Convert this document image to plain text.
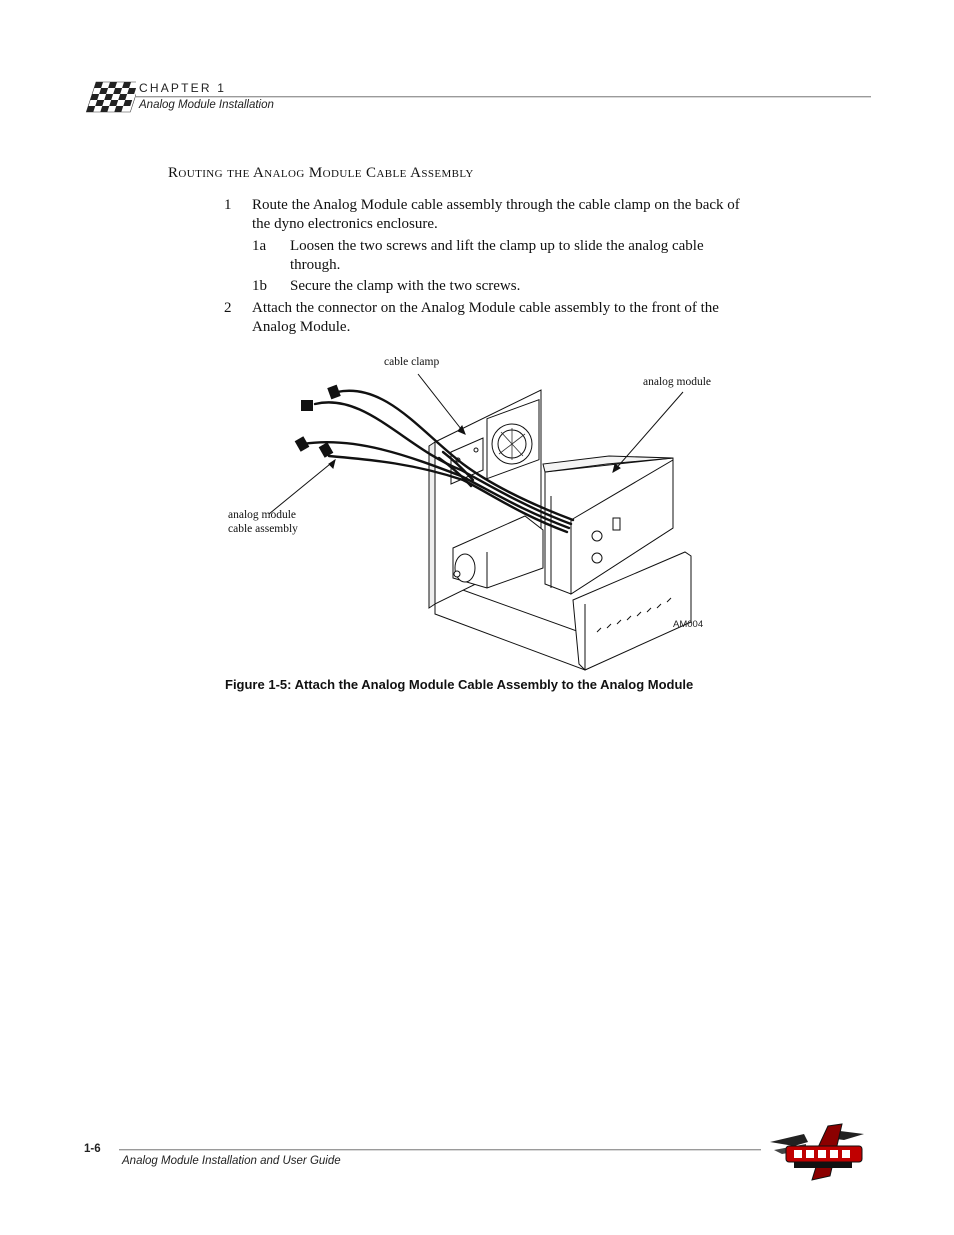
CHAPTER 1
Analog Module Installation
Routing the Analog Module Cable Assembly
1 Route the Analog Module cable assembly through the cable clamp on the back of
the dyno electronics enclosure.
1a Loosen the two screws and lift the clamp up to slide the analog cable
through.
1b Secure the clamp with the two screws.
2 Attach the connector on the Analog Module cable assembly to the front of the
Analog Module.
cable clamp
analog module
analog module
cable assembly
AM004
Figure 1-5: Attach the Analog Module Cable Assembly to the Analog Module
1-6
Analog Module Installation and User Guide
